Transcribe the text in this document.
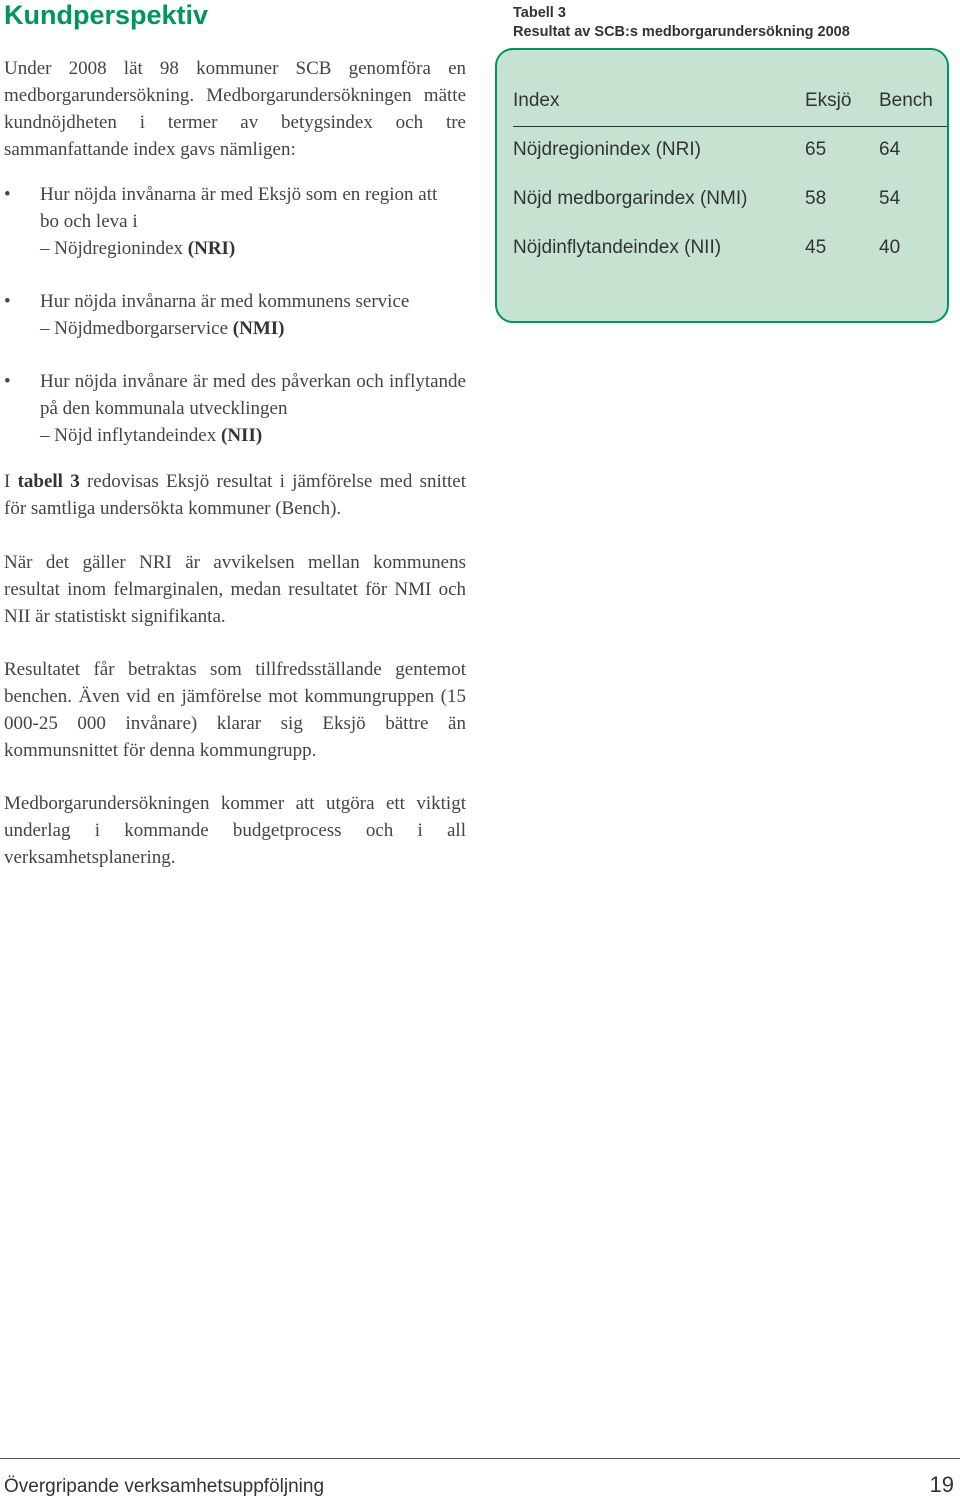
Kundperspektiv

Under 2008 lät 98 kommuner SCB genomföra en medborgarundersökning. Medborgarundersökningen mätte kundnöjdheten i termer av betygsindex och tre sammanfattande index gavs nämligen:

• Hur nöjda invånarna är med Eksjö som en region att bo och leva i
– Nöjdregionindex (NRI)
• Hur nöjda invånarna är med kommunens service
– Nöjdmedborgarservice (NMI)
• Hur nöjda invånare är med des påverkan och inflytande på den kommunala utvecklingen
– Nöjd inflytandeindex (NII)

I tabell 3 redovisas Eksjö resultat i jämförelse med snittet för samtliga undersökta kommuner (Bench).

När det gäller NRI är avvikelsen mellan kommunens resultat inom felmarginalen, medan resultatet för NMI och NII är statistiskt signifikanta.

Resultatet får betraktas som tillfredsställande gentemot benchen. Även vid en jämförelse mot kommungruppen (15 000-25 000 invånare) klarar sig Eksjö bättre än kommunsnittet för denna kommungrupp.

Medborgarundersökningen kommer att utgöra ett viktigt underlag i kommande budgetprocess och i all verksamhetsplanering.

Tabell 3
Resultat av SCB:s medborgarundersökning 2008
Index	Eksjö Bench
Nöjdregionindex (NRI)	65	64
Nöjd medborgarindex (NMI)	58	54
Nöjdinflytandeindex (NII)	45	40
Övergripande verksamhetsuppföljning	19
